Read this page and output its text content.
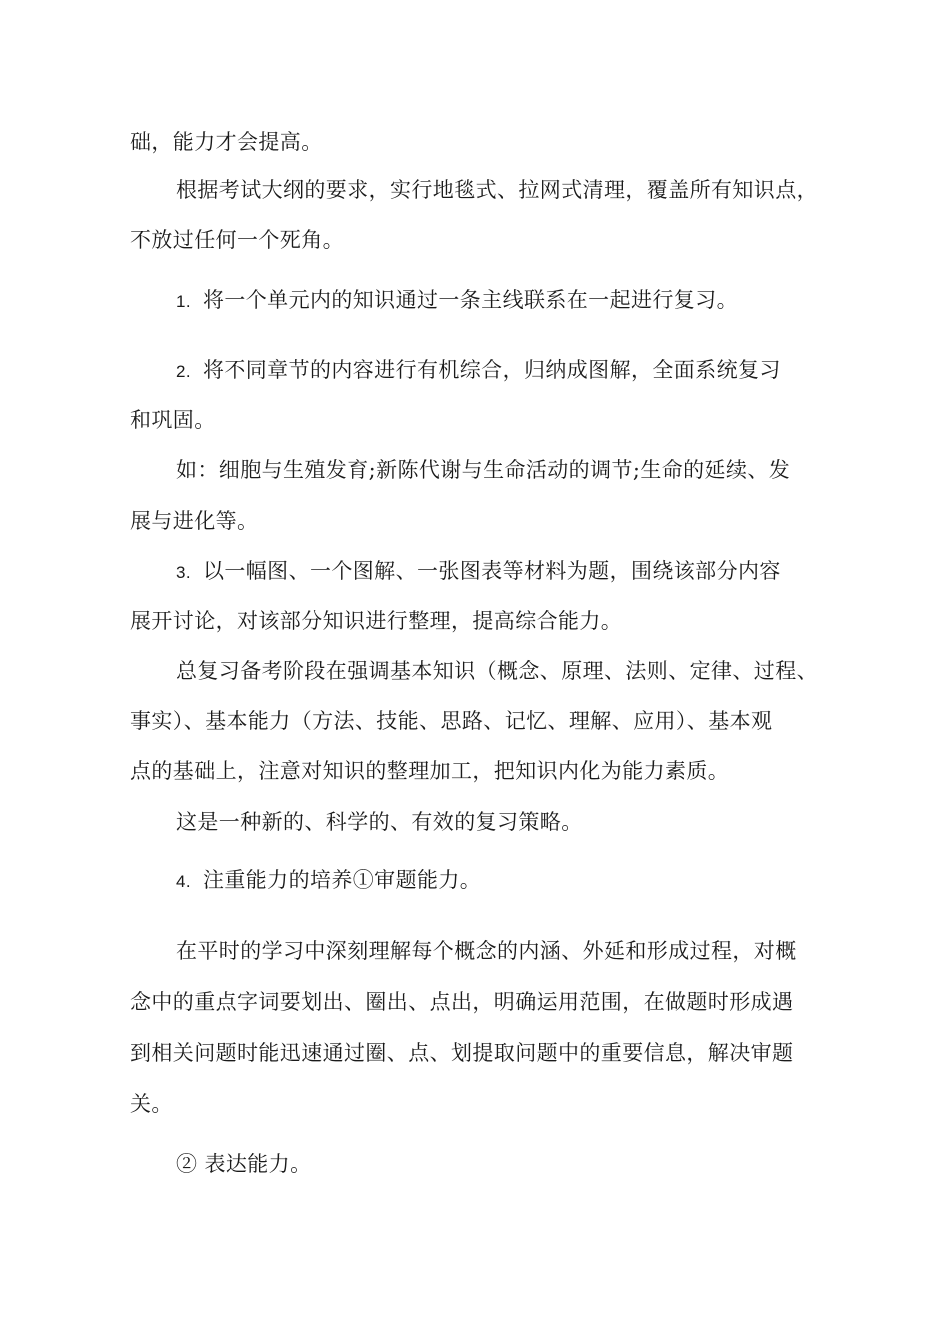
础，能力才会提高。
根据考试大纲的要求，实行地毯式、拉网式清理，覆盖所有知识点，
不放过任何一个死角。
1. 将一个单元内的知识通过一条主线联系在一起进行复习。
2. 将不同章节的内容进行有机综合，归纳成图解，全面系统复习
和巩固。
如：细胞与生殖发育;新陈代谢与生命活动的调节;生命的延续、发
展与进化等。
3. 以一幅图、一个图解、一张图表等材料为题，围绕该部分内容
展开讨论，对该部分知识进行整理，提高综合能力。
总复习备考阶段在强调基本知识（概念、原理、法则、定律、过程、
事实）、基本能力（方法、技能、思路、记忆、理解、应用）、基本观
点的基础上，注意对知识的整理加工，把知识内化为能力素质。
这是一种新的、科学的、有效的复习策略。
4. 注重能力的培养①审题能力。
在平时的学习中深刻理解每个概念的内涵、外延和形成过程，对概
念中的重点字词要划出、圈出、点出，明确运用范围，在做题时形成遇
到相关问题时能迅速通过圈、点、划提取问题中的重要信息，解决审题
关。
② 表达能力。
